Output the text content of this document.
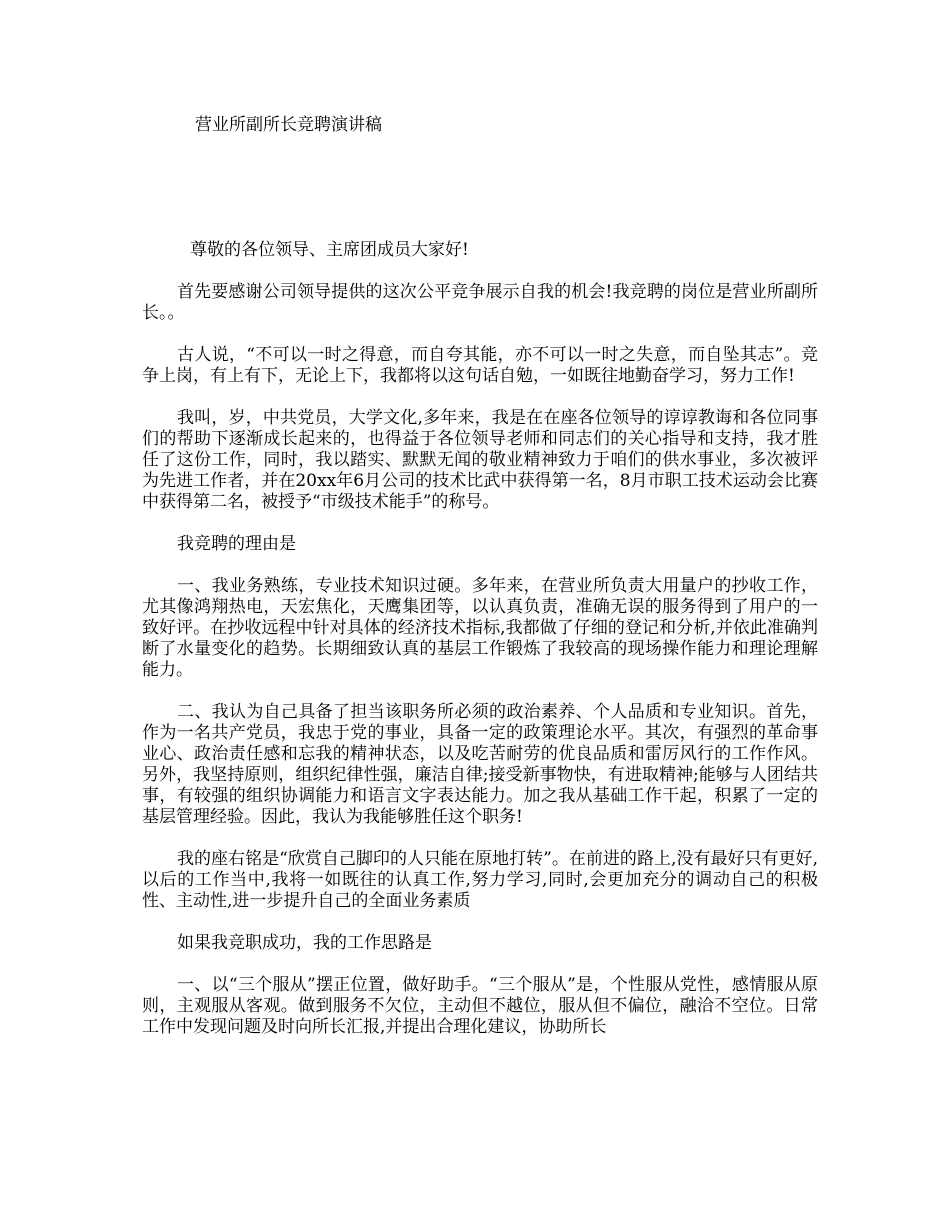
营业所副所长竞聘演讲稿

尊敬的各位领导、主席团成员大家好!

首先要感谢公司领导提供的这次公平竞争展示自我的机会!我竞聘的岗位是营业所副所长。。

古人说，“不可以一时之得意，而自夸其能，亦不可以一时之失意，而自坠其志”。竞争上岗，有上有下，无论上下，我都将以这句话自勉，一如既往地勤奋学习，努力工作!

我叫，岁，中共党员，大学文化,多年来，我是在在座各位领导的谆谆教诲和各位同事们的帮助下逐渐成长起来的，也得益于各位领导老师和同志们的关心指导和支持，我才胜任了这份工作，同时，我以踏实、默默无闻的敬业精神致力于咱们的供水事业，多次被评为先进工作者，并在20xx年6月公司的技术比武中获得第一名，8月市职工技术运动会比赛中获得第二名，被授予“市级技术能手”的称号。

我竞聘的理由是

一、我业务熟练，专业技术知识过硬。多年来，在营业所负责大用量户的抄收工作，尤其像鸿翔热电，天宏焦化，天鹰集团等，以认真负责，准确无误的服务得到了用户的一致好评。在抄收远程中针对具体的经济技术指标,我都做了仔细的登记和分析,并依此准确判断了水量变化的趋势。长期细致认真的基层工作锻炼了我较高的现场操作能力和理论理解能力。

二、我认为自己具备了担当该职务所必须的政治素养、个人品质和专业知识。首先，作为一名共产党员，我忠于党的事业，具备一定的政策理论水平。其次，有强烈的革命事业心、政治责任感和忘我的精神状态，以及吃苦耐劳的优良品质和雷厉风行的工作作风。另外，我坚持原则，组织纪律性强，廉洁自律;接受新事物快，有进取精神;能够与人团结共事，有较强的组织协调能力和语言文字表达能力。加之我从基础工作干起，积累了一定的基层管理经验。因此，我认为我能够胜任这个职务!

我的座右铭是“欣赏自己脚印的人只能在原地打转”。在前进的路上,没有最好只有更好,以后的工作当中,我将一如既往的认真工作,努力学习,同时,会更加充分的调动自己的积极性、主动性,进一步提升自己的全面业务素质

如果我竞职成功，我的工作思路是

一、以“三个服从”摆正位置，做好助手。“三个服从”是，个性服从党性，感情服从原则，主观服从客观。做到服务不欠位，主动但不越位，服从但不偏位，融洽不空位。日常工作中发现问题及时向所长汇报,并提出合理化建议，协助所长
